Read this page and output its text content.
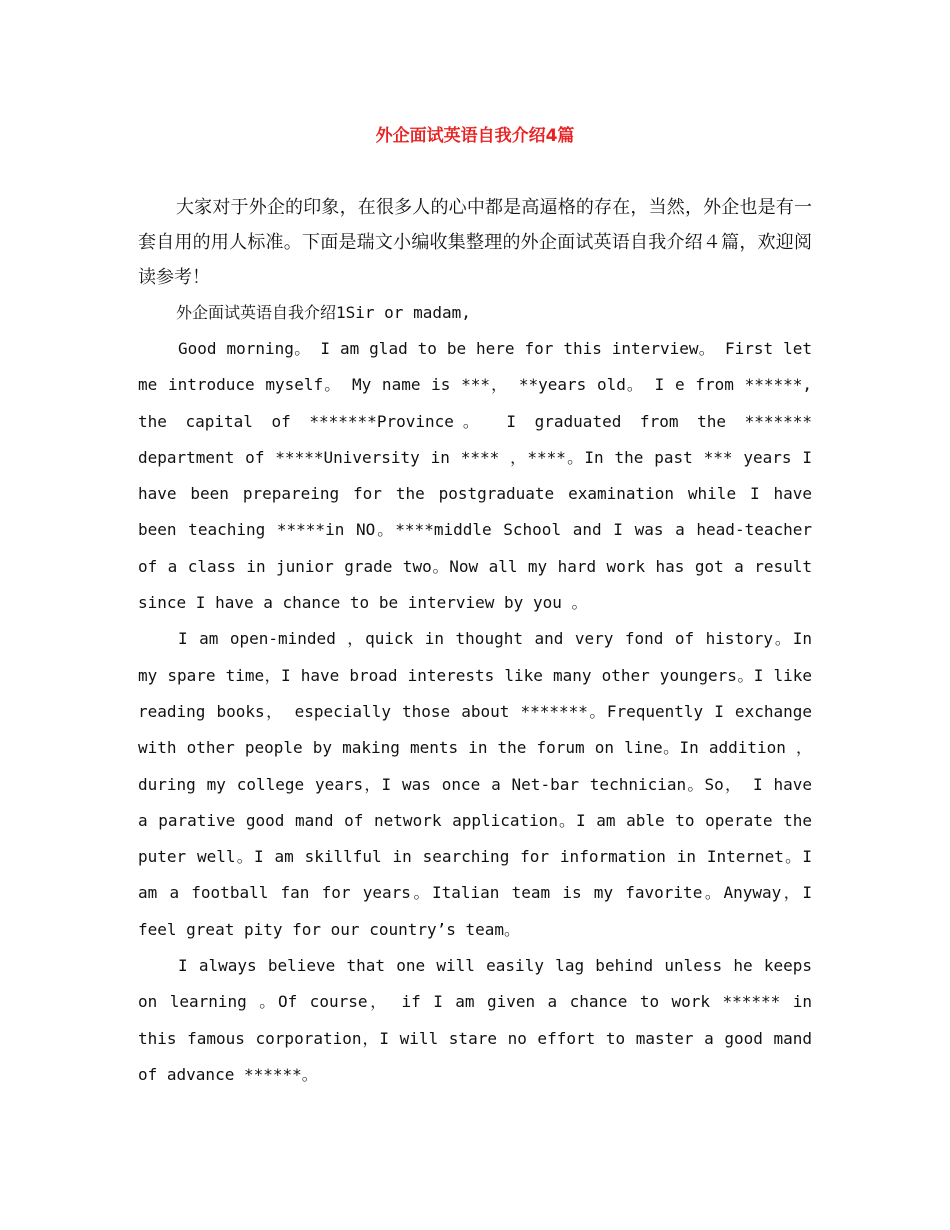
外企面试英语自我介绍4篇

大家对于外企的印象，在很多人的心中都是高逼格的存在，当然，外企也是有一套自用的用人标准。下面是瑞文小编收集整理的外企面试英语自我介绍４篇，欢迎阅读参考！

外企面试英语自我介绍1Sir or madam,

Good morning。 I am glad to be here for this interview。 First let me introduce myself。 My name is ***， **years old。 I e from ******, the capital of *******Province。 I graduated from the ******* department of *****University in **** ，****。In the past *** years I have been prepareing for the postgraduate examination while I have been teaching *****in NO。****middle School and I was a head-teacher of a class in junior grade two。Now all my hard work has got a result since I have a chance to be interview by you 。

I am open-minded ，quick in thought and very fond of history。In my spare time，I have broad interests like many other youngers。I like reading books， especially those about *******。Frequently I exchange with other people by making ments in the forum on line。In addition ，during my college years，I was once a Net-bar technician。So， I have a parative good mand of network application。I am able to operate the puter well。I am skillful in searching for information in Internet。I am a football fan for years。Italian team is my favorite。Anyway，I feel great pity for our country’s team。

I always believe that one will easily lag behind unless he keeps on learning 。Of course， if I am given a chance to work ****** in this famous corporation，I will stare no effort to master a good mand of advance ******。
